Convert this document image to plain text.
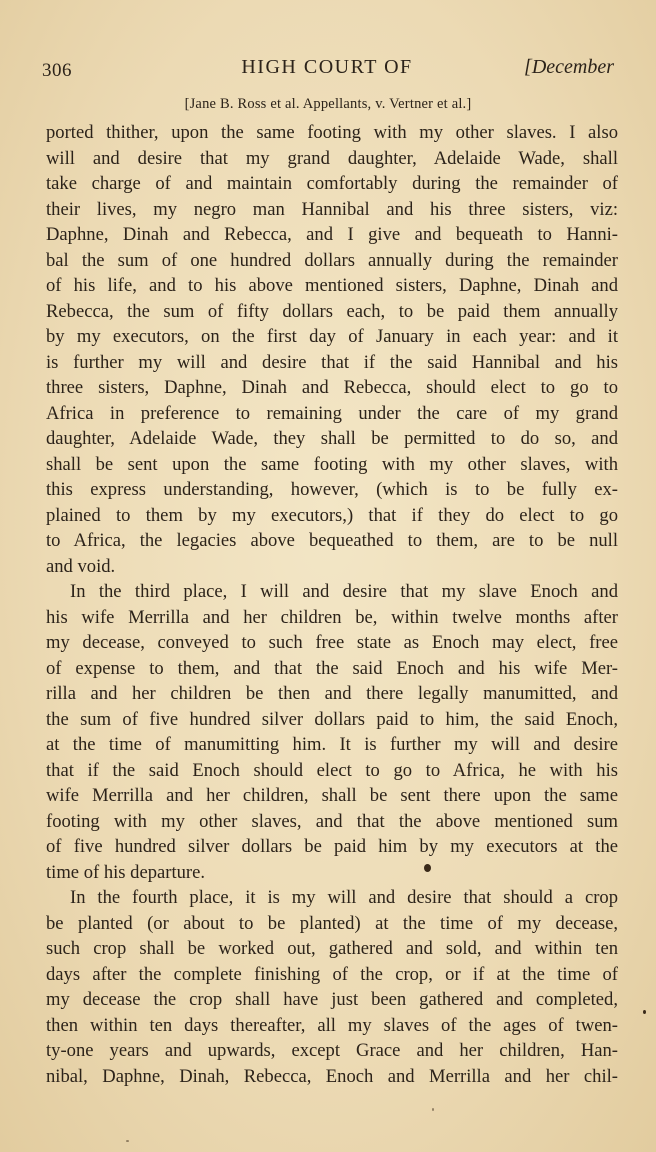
306	HIGH COURT OF	[December
[Jane B. Ross et al. Appellants, v. Vertner et al.]
ported thither, upon the same footing with my other slaves. I also
will and desire that my grand daughter, Adelaide Wade, shall
take charge of and maintain comfortably during the remainder of
their lives, my negro man Hannibal and his three sisters, viz:
Daphne, Dinah and Rebecca, and I give and bequeath to Hanni-
bal the sum of one hundred dollars annually during the remainder
of his life, and to his above mentioned sisters, Daphne, Dinah and
Rebecca, the sum of fifty dollars each, to be paid them annually
by my executors, on the first day of January in each year: and it
is further my will and desire that if the said Hannibal and his
three sisters, Daphne, Dinah and Rebecca, should elect to go to
Africa in preference to remaining under the care of my grand
daughter, Adelaide Wade, they shall be permitted to do so, and
shall be sent upon the same footing with my other slaves, with
this express understanding, however, (which is to be fully ex-
plained to them by my executors,) that if they do elect to go
to Africa, the legacies above bequeathed to them, are to be null
and void.
In the third place, I will and desire that my slave Enoch and
his wife Merrilla and her children be, within twelve months after
my decease, conveyed to such free state as Enoch may elect, free
of expense to them, and that the said Enoch and his wife Mer-
rilla and her children be then and there legally manumitted, and
the sum of five hundred silver dollars paid to him, the said Enoch,
at the time of manumitting him. It is further my will and desire
that if the said Enoch should elect to go to Africa, he with his
wife Merrilla and her children, shall be sent there upon the same
footing with my other slaves, and that the above mentioned sum
of five hundred silver dollars be paid him by my executors at the
time of his departure.
In the fourth place, it is my will and desire that should a crop
be planted (or about to be planted) at the time of my decease,
such crop shall be worked out, gathered and sold, and within ten
days after the complete finishing of the crop, or if at the time of
my decease the crop shall have just been gathered and completed,
then within ten days thereafter, all my slaves of the ages of twen-
ty-one years and upwards, except Grace and her children, Han-
nibal, Daphne, Dinah, Rebecca, Enoch and Merrilla and her chil-
